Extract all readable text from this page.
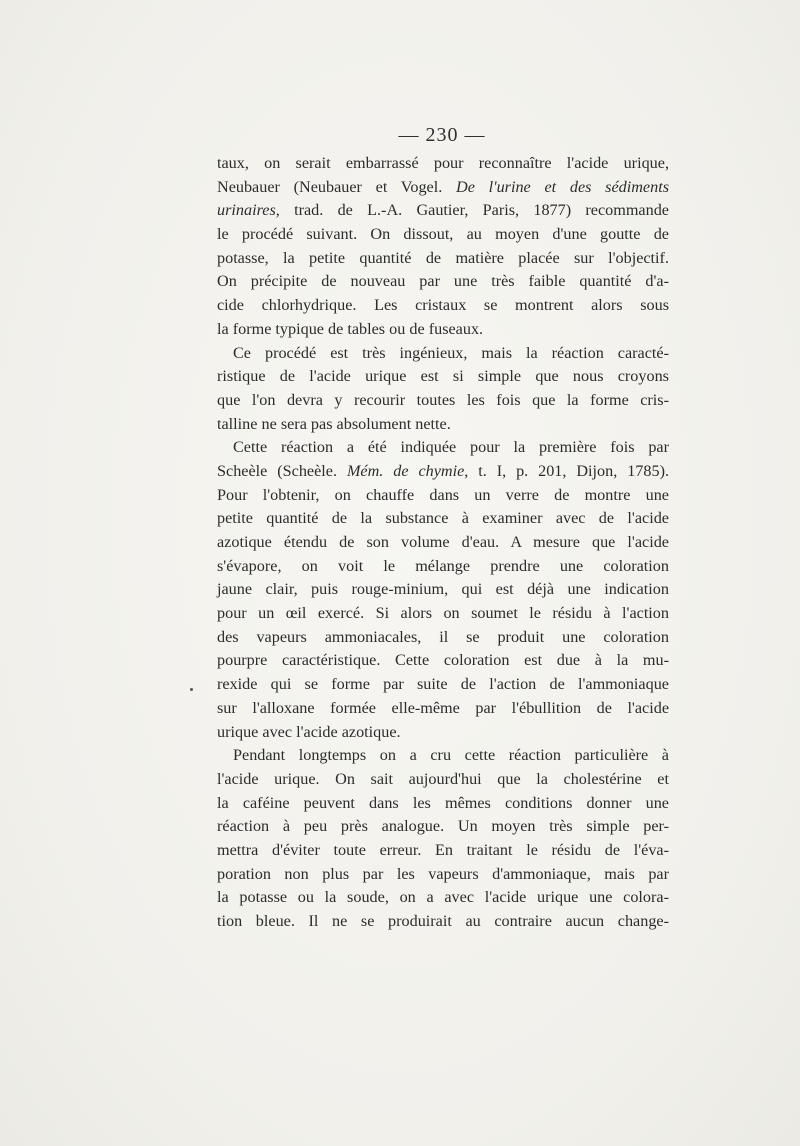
— 230 —
taux, on serait embarrassé pour reconnaître l'acide urique,
Neubauer (Neubauer et Vogel. De l'urine et des sédiments
urinaires, trad. de L.-A. Gautier, Paris, 1877) recommande
le procédé suivant. On dissout, au moyen d'une goutte de
potasse, la petite quantité de matière placée sur l'objectif.
On précipite de nouveau par une très faible quantité d'a-
cide chlorhydrique. Les cristaux se montrent alors sous
la forme typique de tables ou de fuseaux.
Ce procédé est très ingénieux, mais la réaction caracté-
ristique de l'acide urique est si simple que nous croyons
que l'on devra y recourir toutes les fois que la forme cris-
talline ne sera pas absolument nette.
Cette réaction a été indiquée pour la première fois par
Scheèle (Scheèle. Mém. de chymie, t. I, p. 201, Dijon, 1785).
Pour l'obtenir, on chauffe dans un verre de montre une
petite quantité de la substance à examiner avec de l'acide
azotique étendu de son volume d'eau. A mesure que l'acide
s'évapore, on voit le mélange prendre une coloration
jaune clair, puis rouge-minium, qui est déjà une indication
pour un œil exercé. Si alors on soumet le résidu à l'action
des vapeurs ammoniacales, il se produit une coloration
pourpre caractéristique. Cette coloration est due à la mu-
rexide qui se forme par suite de l'action de l'ammoniaque
sur l'alloxane formée elle-même par l'ébullition de l'acide
urique avec l'acide azotique.
Pendant longtemps on a cru cette réaction particulière à
l'acide urique. On sait aujourd'hui que la cholestérine et
la caféine peuvent dans les mêmes conditions donner une
réaction à peu près analogue. Un moyen très simple per-
mettra d'éviter toute erreur. En traitant le résidu de l'éva-
poration non plus par les vapeurs d'ammoniaque, mais par
la potasse ou la soude, on a avec l'acide urique une colora-
tion bleue. Il ne se produirait au contraire aucun change-
